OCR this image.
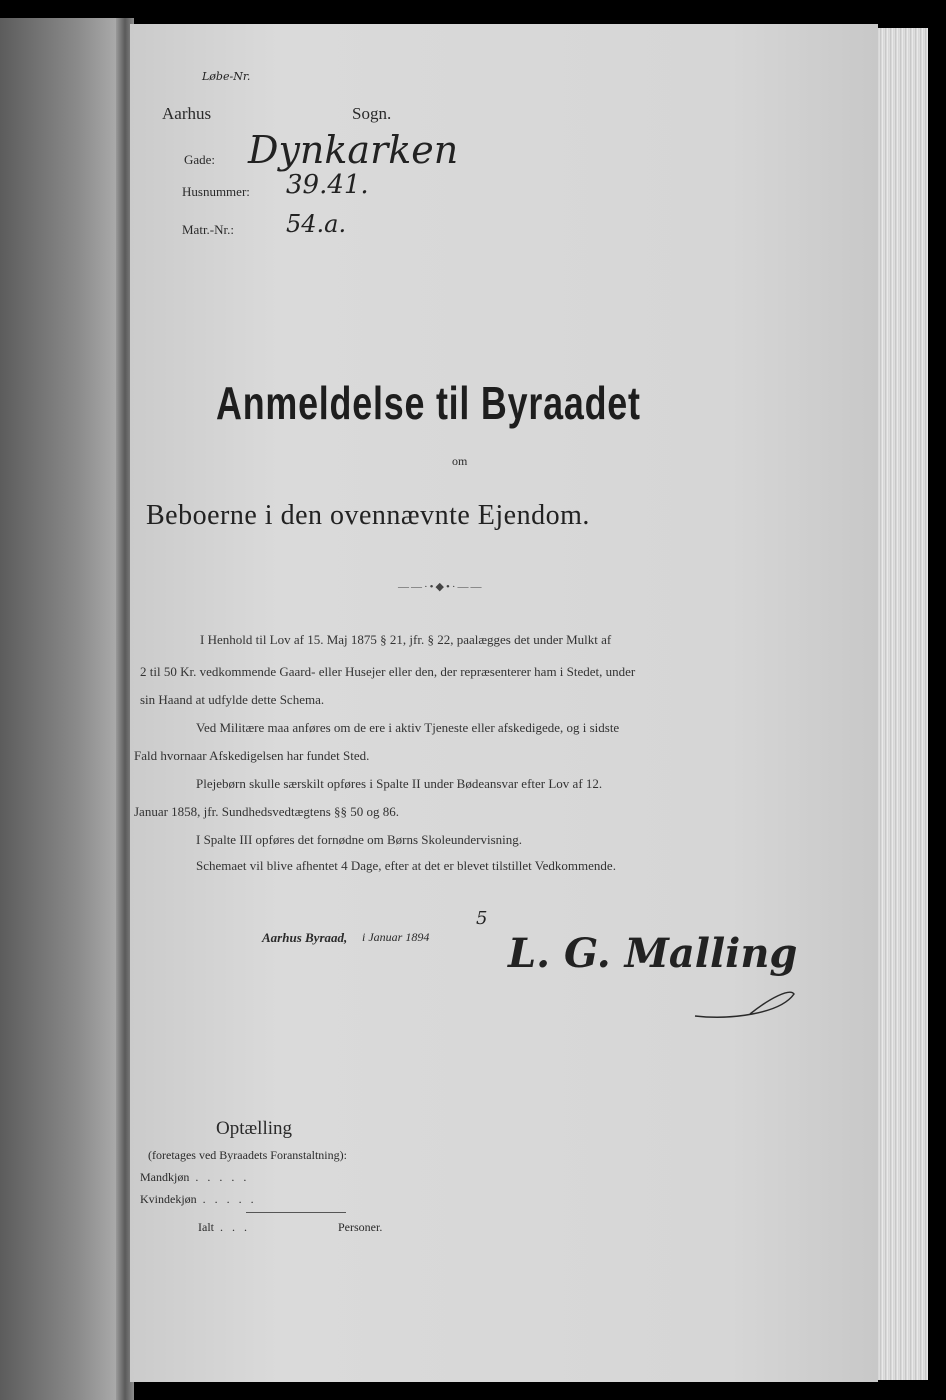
Løbe-Nr.
Aarhus	Sogn.
Gade: Dynkarken
Husnummer: 39.41.
Matr.-Nr.: 54.a.
Anmeldelse til Byraadet
om
Beboerne i den ovennævnte Ejendom.
——·•◆•·——
I Henhold til Lov af 15. Maj 1875 § 21, jfr. § 22, paalægges det under Mulkt af
2 til 50 Kr. vedkommende Gaard- eller Husejer eller den, der repræsenterer ham i Stedet, under
sin Haand at udfylde dette Schema.
Ved Militære maa anføres om de ere i aktiv Tjeneste eller afskedigede, og i sidste
Fald hvornaar Afskedigelsen har fundet Sted.
Plejebørn skulle særskilt opføres i Spalte II under Bødeansvar efter Lov af 12.
Januar 1858, jfr. Sundhedsvedtægtens §§ 50 og 86.
I Spalte III opføres det fornødne om Børns Skoleundervisning.
Schemaet vil blive afhentet 4 Dage, efter at det er blevet tilstillet Vedkommende.
Aarhus Byraad, i Januar 1894
5
L. G. Malling
Optælling
(foretages ved Byraadets Foranstaltning):
Mandkjøn . . . . .
Kvindekjøn . . . . .
Ialt . . .	Personer.
